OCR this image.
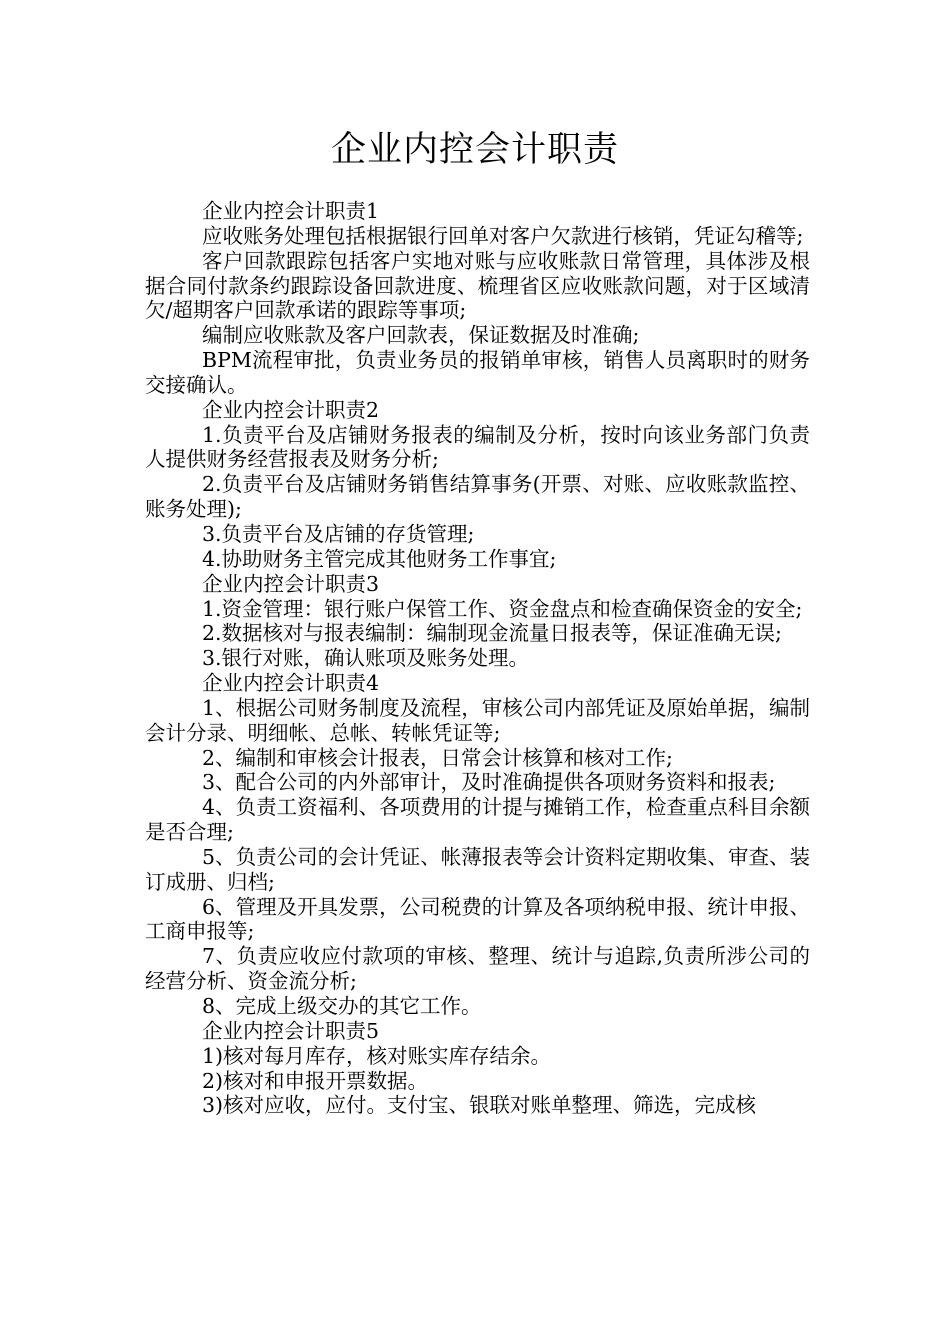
企业内控会计职责

企业内控会计职责1

应收账务处理包括根据银行回单对客户欠款进行核销，凭证勾稽等;

客户回款跟踪包括客户实地对账与应收账款日常管理，具体涉及根据合同付款条约跟踪设备回款进度、梳理省区应收账款问题，对于区域清欠/超期客户回款承诺的跟踪等事项;

编制应收账款及客户回款表，保证数据及时准确;

BPM流程审批，负责业务员的报销单审核，销售人员离职时的财务交接确认。

企业内控会计职责2

1.负责平台及店铺财务报表的编制及分析，按时向该业务部门负责人提供财务经营报表及财务分析;

2.负责平台及店铺财务销售结算事务(开票、对账、应收账款监控、账务处理);

3.负责平台及店铺的存货管理;

4.协助财务主管完成其他财务工作事宜;

企业内控会计职责3

1.资金管理：银行账户保管工作、资金盘点和检查确保资金的安全;

2.数据核对与报表编制：编制现金流量日报表等，保证准确无误;

3.银行对账，确认账项及账务处理。

企业内控会计职责4

1、根据公司财务制度及流程，审核公司内部凭证及原始单据，编制会计分录、明细帐、总帐、转帐凭证等;

2、编制和审核会计报表，日常会计核算和核对工作;

3、配合公司的内外部审计，及时准确提供各项财务资料和报表;

4、负责工资福利、各项费用的计提与摊销工作，检查重点科目余额是否合理;

5、负责公司的会计凭证、帐薄报表等会计资料定期收集、审查、装订成册、归档;

6、管理及开具发票，公司税费的计算及各项纳税申报、统计申报、工商申报等;

7、负责应收应付款项的审核、整理、统计与追踪,负责所涉公司的经营分析、资金流分析;

8、完成上级交办的其它工作。

企业内控会计职责5

1)核对每月库存，核对账实库存结余。

2)核对和申报开票数据。

3)核对应收，应付。支付宝、银联对账单整理、筛选，完成核
